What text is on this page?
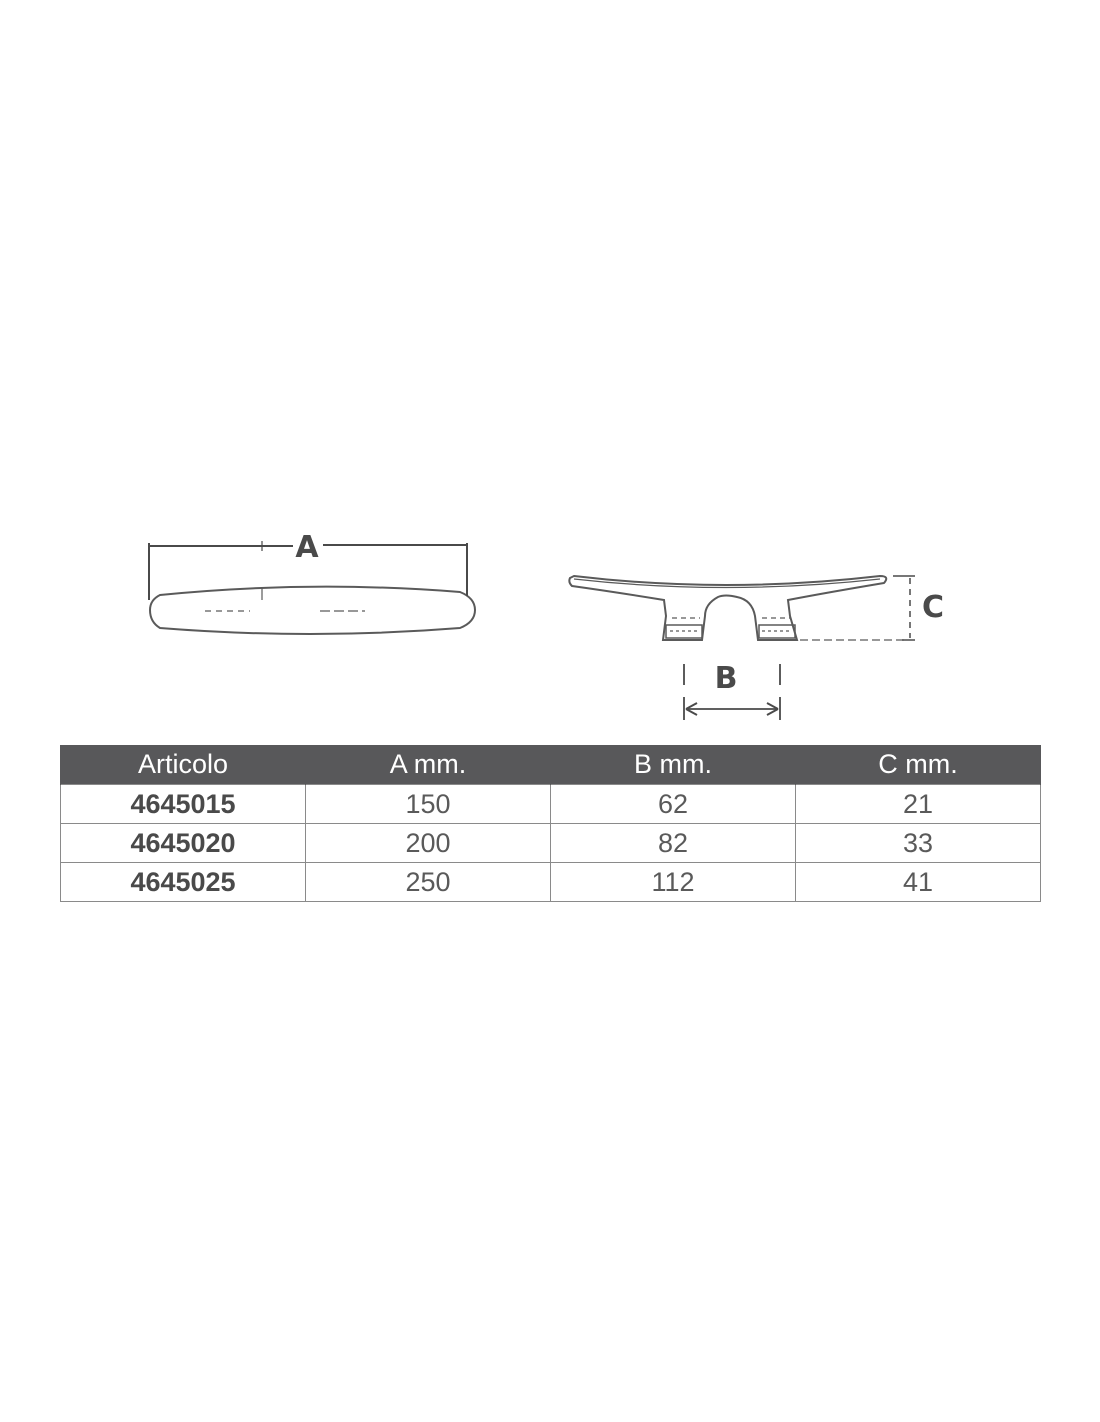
A
C
B
Articolo	A mm.	B mm.	C mm.
4645015	150	62	21
4645020	200	82	33
4645025	250	112	41
